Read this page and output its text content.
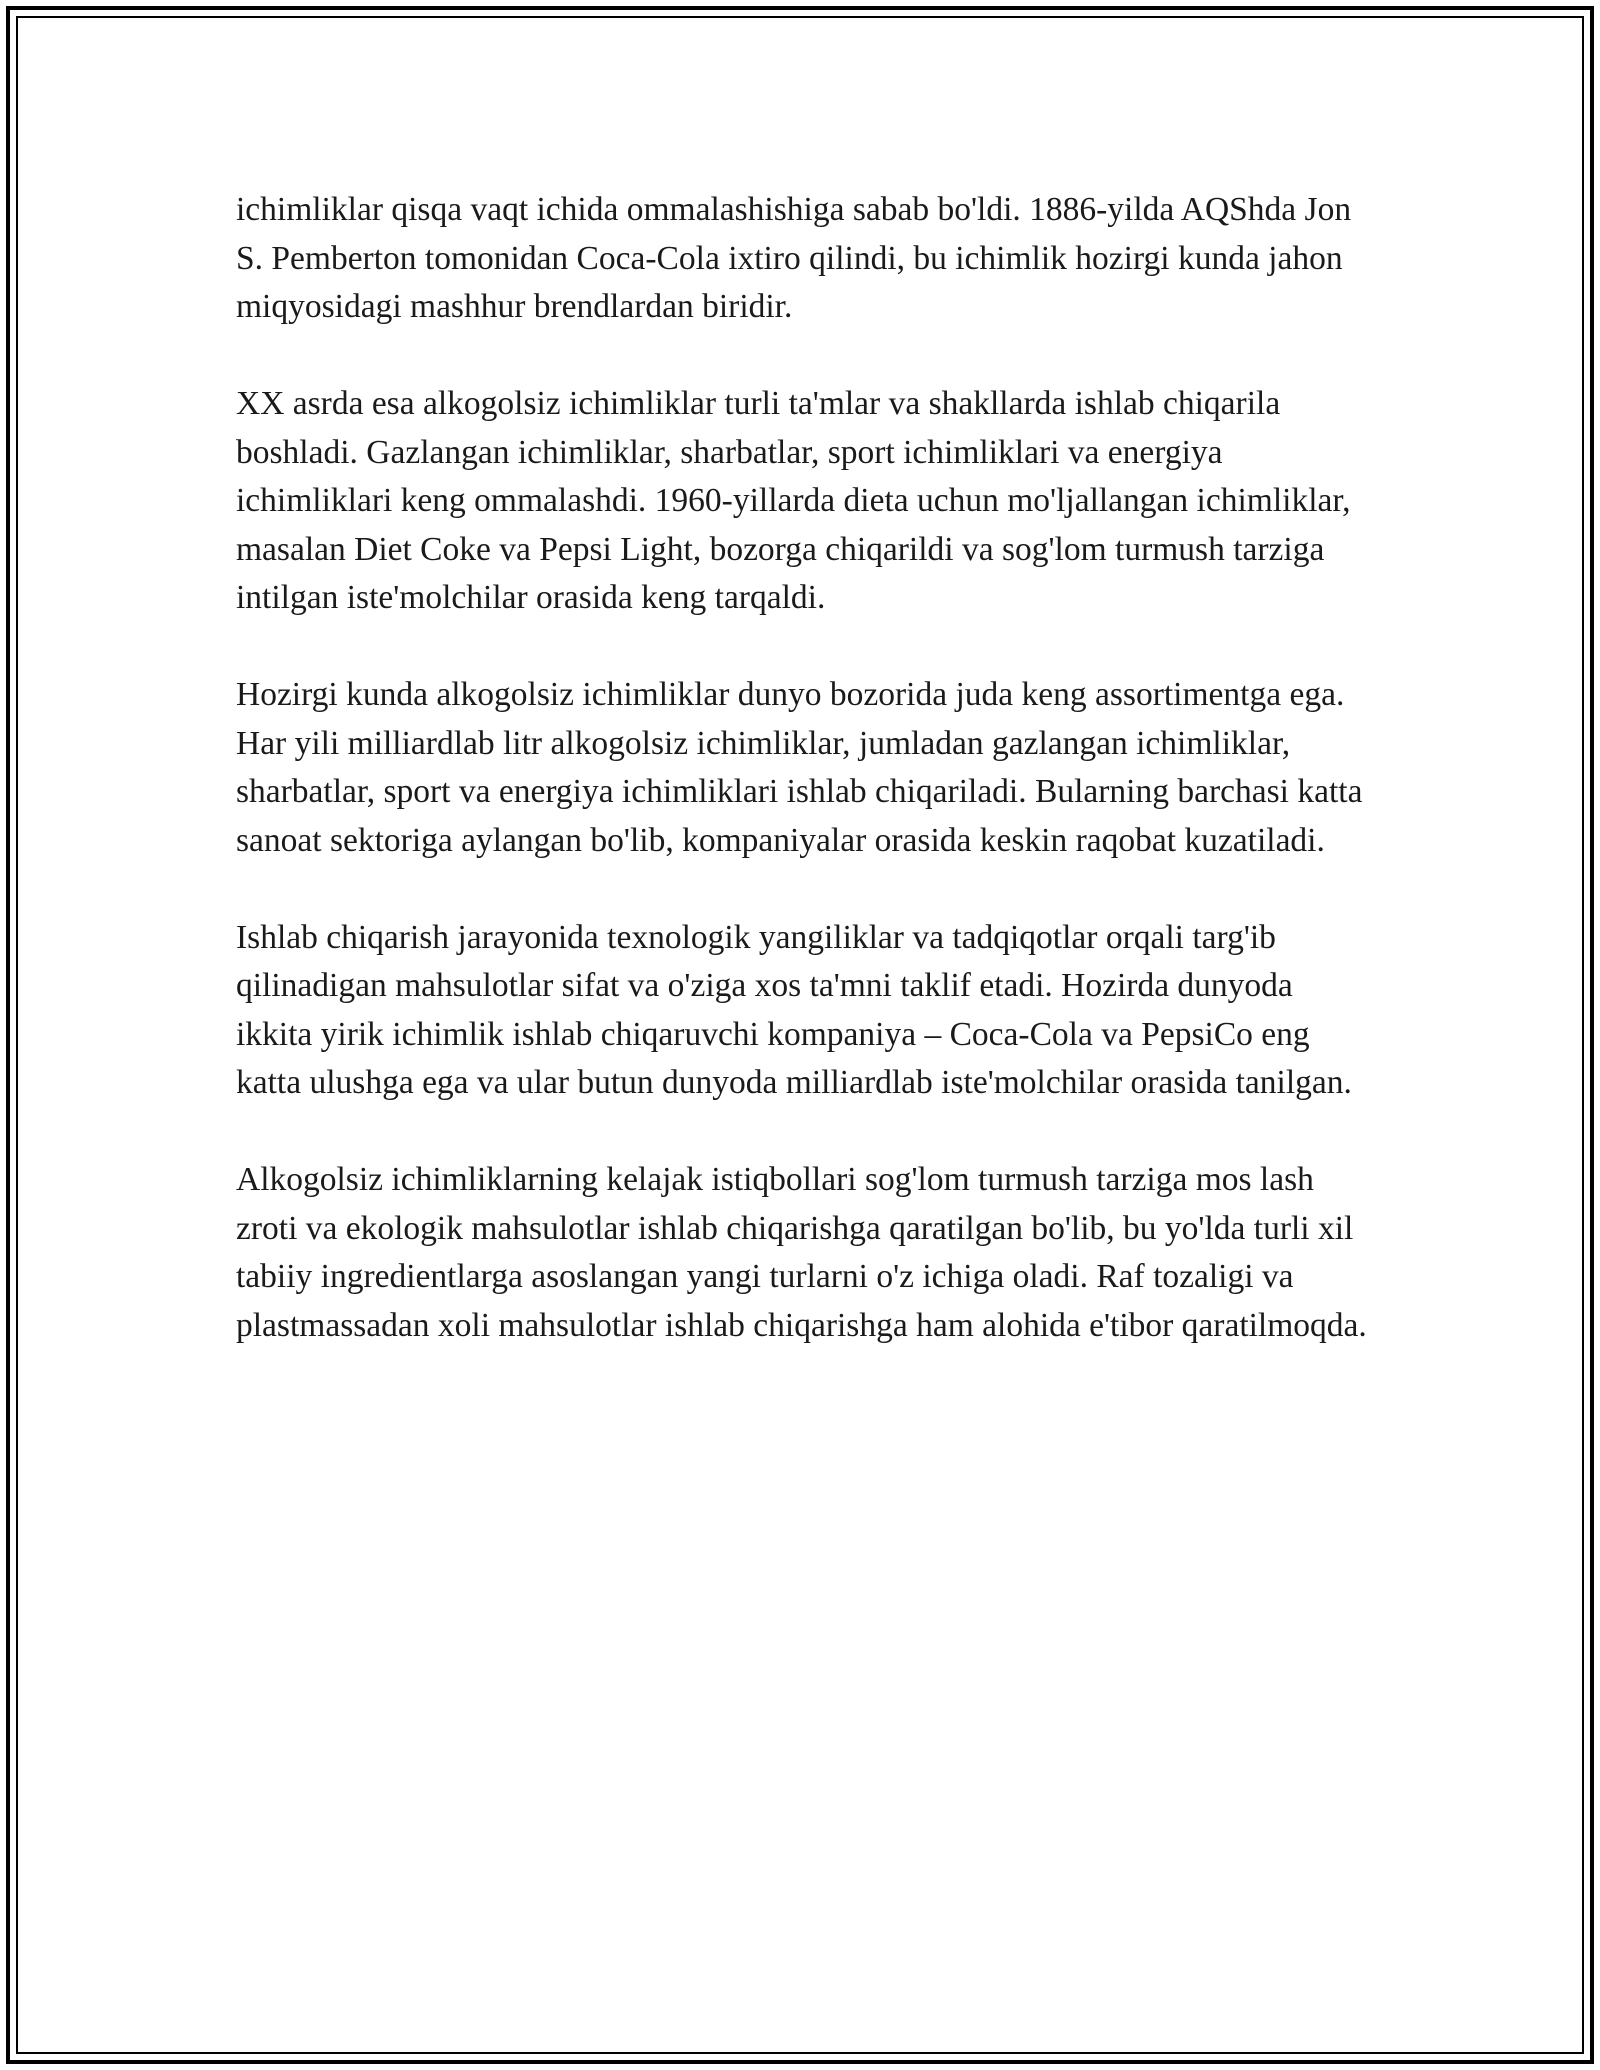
ichimliklar qisqa vaqt ichida ommalashishiga sabab bo'ldi. 1886-yilda AQShda Jon S. Pemberton tomonidan Coca-Cola ixtiro qilindi, bu ichimlik hozirgi kunda jahon miqyosidagi mashhur brendlardan biridir.

XX asrda esa alkogolsiz ichimliklar turli ta'mlar va shakllarda ishlab chiqarila boshladi. Gazlangan ichimliklar, sharbatlar, sport ichimliklari va energiya ichimliklari keng ommalashdi. 1960-yillarda dieta uchun mo'ljallangan ichimliklar, masalan Diet Coke va Pepsi Light, bozorga chiqarildi va sog'lom turmush tarziga intilgan iste'molchilar orasida keng tarqaldi.

Hozirgi kunda alkogolsiz ichimliklar dunyo bozorida juda keng assortimentga ega. Har yili milliardlab litr alkogolsiz ichimliklar, jumladan gazlangan ichimliklar, sharbatlar, sport va energiya ichimliklari ishlab chiqariladi. Bularning barchasi katta sanoat sektoriga aylangan bo'lib, kompaniyalar orasida keskin raqobat kuzatiladi.

Ishlab chiqarish jarayonida texnologik yangiliklar va tadqiqotlar orqali targ'ib qilinadigan mahsulotlar sifat va o'ziga xos ta'mni taklif etadi. Hozirda dunyoda ikkita yirik ichimlik ishlab chiqaruvchi kompaniya – Coca-Cola va PepsiCo eng katta ulushga ega va ular butun dunyoda milliardlab iste'molchilar orasida tanilgan.

Alkogolsiz ichimliklarning kelajak istiqbollari sog'lom turmush tarziga mos lash zroti va ekologik mahsulotlar ishlab chiqarishga qaratilgan bo'lib, bu yo'lda turli xil tabiiy ingredientlarga asoslangan yangi turlarni o'z ichiga oladi. Raf tozaligi va plastmassadan xoli mahsulotlar ishlab chiqarishga ham alohida e'tibor qaratilmoqda.
